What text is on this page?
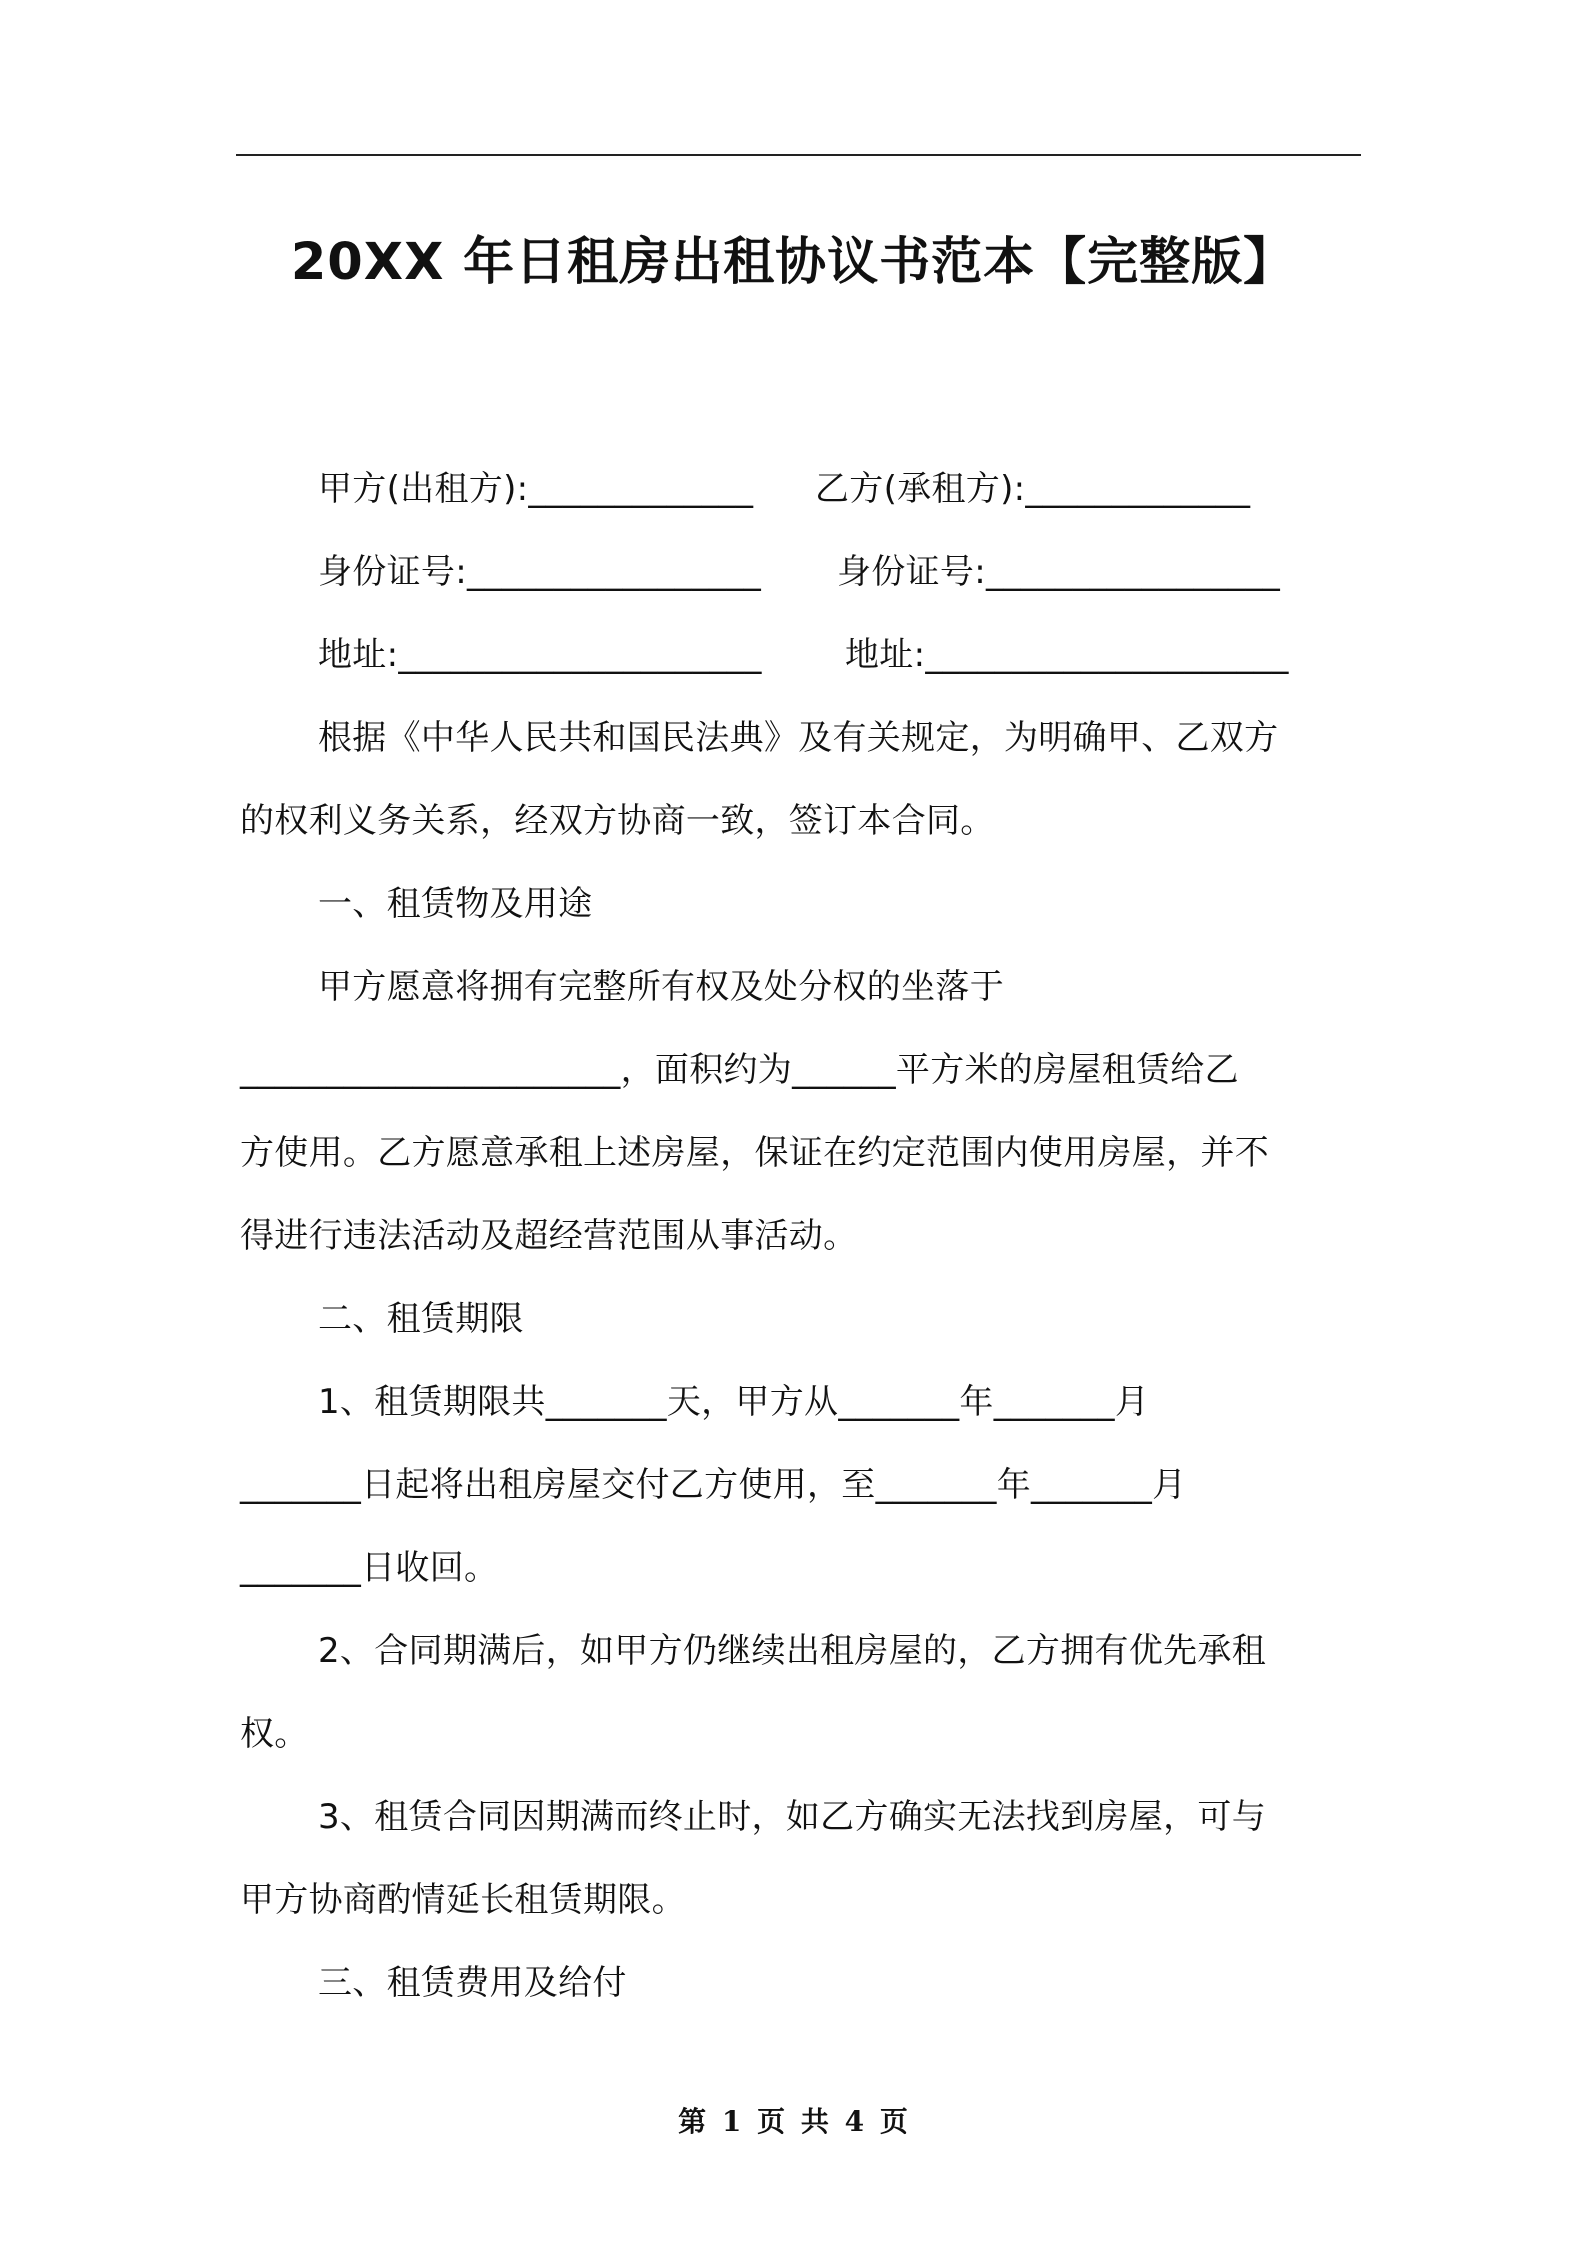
20XX 年日租房出租协议书范本【完整版】
甲方(出租方):_____________ 乙方(承租方):_____________
身份证号:_________________ 身份证号:_________________
地址:_____________________ 地址:_____________________
根据《中华人民共和国民法典》及有关规定，为明确甲、乙双方
的权利义务关系，经双方协商一致，签订本合同。
一、租赁物及用途
甲方愿意将拥有完整所有权及处分权的坐落于
______________________，面积约为______平方米的房屋租赁给乙
方使用。乙方愿意承租上述房屋，保证在约定范围内使用房屋，并不
得进行违法活动及超经营范围从事活动。
二、租赁期限
1、租赁期限共_______天，甲方从_______年_______月
_______日起将出租房屋交付乙方使用，至_______年_______月
_______日收回。
2、合同期满后，如甲方仍继续出租房屋的，乙方拥有优先承租
权。
3、租赁合同因期满而终止时，如乙方确实无法找到房屋，可与
甲方协商酌情延长租赁期限。
三、租赁费用及给付
第 1 页 共 4 页
